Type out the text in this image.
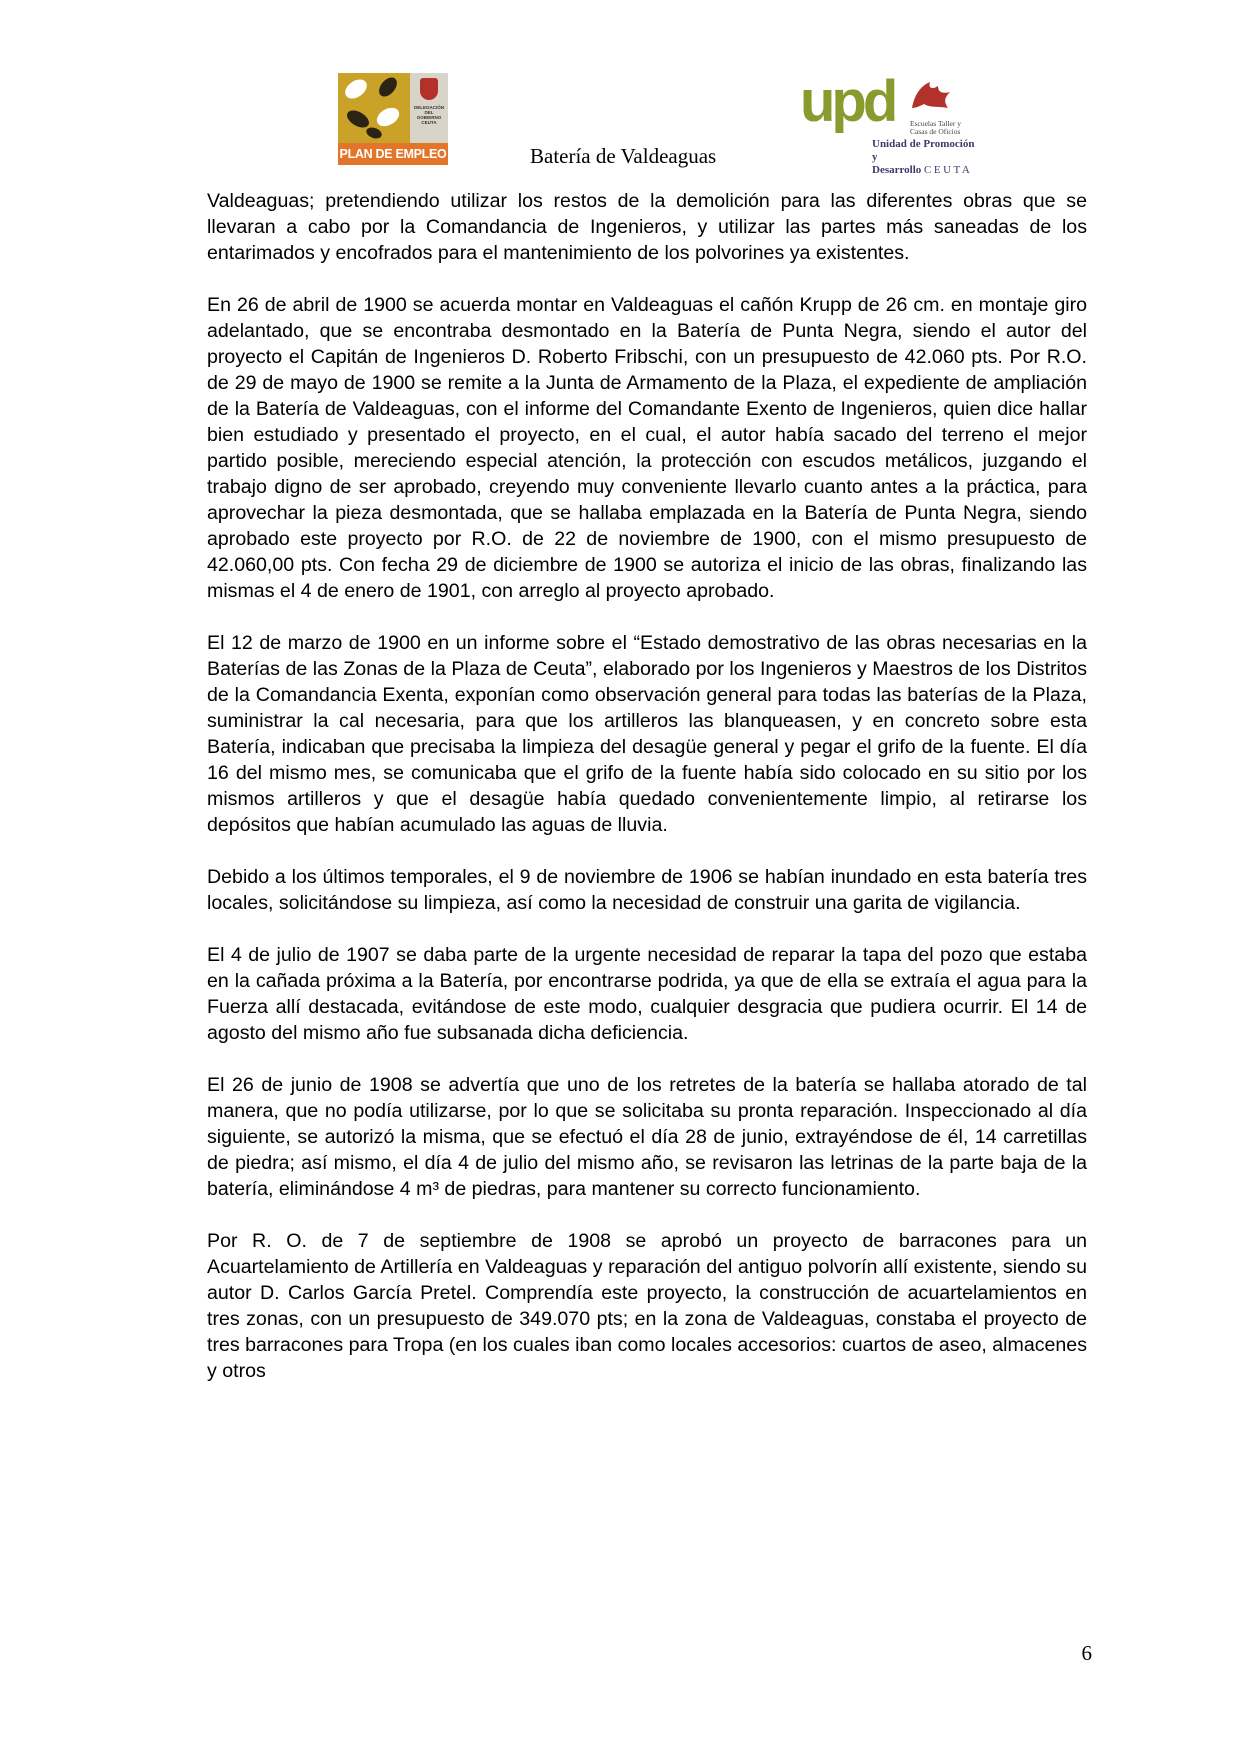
DELEGACIÓN DEL GOBIERNO CEUTA
PLAN DE EMPLEO	Batería de Valdeaguas
upd Escuelas Taller y Casas de Oficios
Unidad de Promoción y
Desarrollo CEUTA

Valdeaguas; pretendiendo utilizar los restos de la demolición para las diferentes obras que se llevaran a cabo por la Comandancia de Ingenieros, y utilizar las partes más saneadas de los entarimados y encofrados para el mantenimiento de los polvorines ya existentes.

En 26 de abril de 1900 se acuerda montar en Valdeaguas el cañón Krupp de 26 cm. en montaje giro adelantado, que se encontraba desmontado en la Batería de Punta Negra, siendo el autor del proyecto el Capitán de Ingenieros D. Roberto Fribschi, con un presupuesto de 42.060 pts. Por R.O. de 29 de mayo de 1900 se remite a la Junta de Armamento de la Plaza, el expediente de ampliación de la Batería de Valdeaguas, con el informe del Comandante Exento de Ingenieros, quien dice hallar bien estudiado y presentado el proyecto, en el cual, el autor había sacado del terreno el mejor partido posible, mereciendo especial atención, la protección con escudos metálicos, juzgando el trabajo digno de ser aprobado, creyendo muy conveniente llevarlo cuanto antes a la práctica, para aprovechar la pieza desmontada, que se hallaba emplazada en la Batería de Punta Negra, siendo aprobado este proyecto por R.O. de 22 de noviembre de 1900, con el mismo presupuesto de 42.060,00 pts. Con fecha 29 de diciembre de 1900 se autoriza el inicio de las obras, finalizando las mismas el 4 de enero de 1901, con arreglo al proyecto aprobado.

El 12 de marzo de 1900 en un informe sobre el “Estado demostrativo de las obras necesarias en la Baterías de las Zonas de la Plaza de Ceuta”, elaborado por los Ingenieros y Maestros de los Distritos de la Comandancia Exenta, exponían como observación general para todas las baterías de la Plaza, suministrar la cal necesaria, para que los artilleros las blanqueasen, y en concreto sobre esta Batería, indicaban que precisaba la limpieza del desagüe general y pegar el grifo de la fuente. El día 16 del mismo mes, se comunicaba que el grifo de la fuente había sido colocado en su sitio por los mismos artilleros y que el desagüe había quedado convenientemente limpio, al retirarse los depósitos que habían acumulado las aguas de lluvia.

Debido a los últimos temporales, el 9 de noviembre de 1906 se habían inundado en esta batería tres locales, solicitándose su limpieza, así como la necesidad de construir una garita de vigilancia.

El 4 de julio de 1907 se daba parte de la urgente necesidad de reparar la tapa del pozo que estaba en la cañada próxima a la Batería, por encontrarse podrida, ya que de ella se extraía el agua para la Fuerza allí destacada, evitándose de este modo, cualquier desgracia que pudiera ocurrir. El 14 de agosto del mismo año fue subsanada dicha deficiencia.

El 26 de junio de 1908 se advertía que uno de los retretes de la batería se hallaba atorado de tal manera, que no podía utilizarse, por lo que se solicitaba su pronta reparación. Inspeccionado al día siguiente, se autorizó la misma, que se efectuó el día 28 de junio, extrayéndose de él, 14 carretillas de piedra; así mismo, el día 4 de julio del mismo año, se revisaron las letrinas de la parte baja de la batería, eliminándose 4 m³ de piedras, para mantener su correcto funcionamiento.

Por R. O. de 7 de septiembre de 1908 se aprobó un proyecto de barracones para un Acuartelamiento de Artillería en Valdeaguas y reparación del antiguo polvorín allí existente, siendo su autor D. Carlos García Pretel. Comprendía este proyecto, la construcción de acuartelamientos en tres zonas, con un presupuesto de 349.070 pts; en la zona de Valdeaguas, constaba el proyecto de tres barracones para Tropa (en los cuales iban como locales accesorios: cuartos de aseo, almacenes y otros

6
